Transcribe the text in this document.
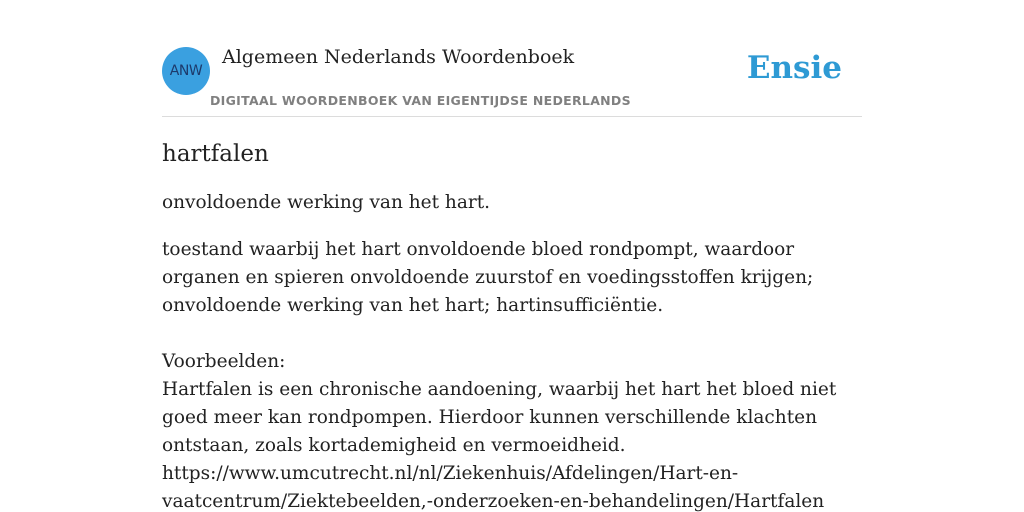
ANW
Algemeen Nederlands Woordenboek
DIGITAAL WOORDENBOEK VAN EIGENTIJDSE NEDERLANDS
Ensie
hartfalen

onvoldoende werking van het hart.

toestand waarbij het hart onvoldoende bloed rondpompt, waardoor organen en spieren onvoldoende zuurstof en voedingsstoffen krijgen; onvoldoende werking van het hart; hartinsufficiëntie.

Voorbeelden:

Hartfalen is een chronische aandoening, waarbij het hart het bloed niet goed meer kan rondpompen. Hierdoor kunnen verschillende klachten ontstaan, zoals kortademigheid en vermoeidheid.

https://www.umcutrecht.nl/nl/Ziekenhuis/Afdelingen/Hart-en-

vaatcentrum/Ziektebeelden,-onderzoeken-en-behandelingen/Hartfalen
